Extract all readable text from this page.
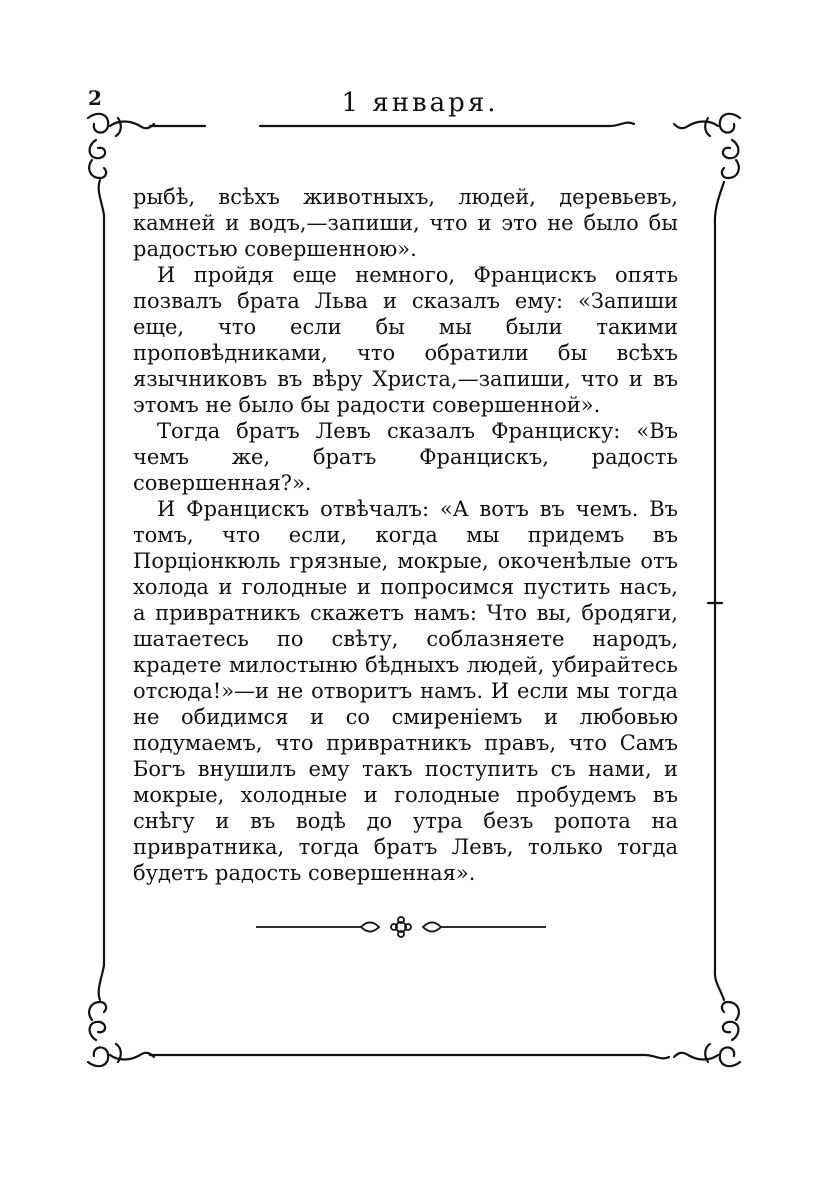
2	1 января.

рыбѣ, всѣхъ животныхъ, людей, деревьевъ, камней и водъ,—запиши, что и это не было бы радостью совершенною».

И пройдя еще немного, Францискъ опять позвалъ брата Льва и сказалъ ему: «Запиши еще, что если бы мы были такими проповѣдниками, что обратили бы всѣхъ язычниковъ въ вѣру Христа,—запиши, что и въ этомъ не было бы радости совершенной».

Тогда братъ Левъ сказалъ Франциску: «Въ чемъ же, братъ Францискъ, радость совершенная?».

И Францискъ отвѣчалъ: «А вотъ въ чемъ. Въ томъ, что если, когда мы придемъ въ Порціонкюль грязные, мокрые, окоченѣлые отъ холода и голодные и попросимся пустить насъ, а привратникъ скажетъ намъ: Что вы, бродяги, шатаетесь по свѣту, соблазняете народъ, крадете милостыню бѣдныхъ людей, убирайтесь отсюда!»—и не отворитъ намъ. И если мы тогда не обидимся и со смиреніемъ и любовью подумаемъ, что привратникъ правъ, что Самъ Богъ внушилъ ему такъ поступить съ нами, и мокрые, холодные и голодные пробудемъ въ снѣгу и въ водѣ до утра безъ ропота на привратника, тогда братъ Левъ, только тогда будетъ радость совершенная».
